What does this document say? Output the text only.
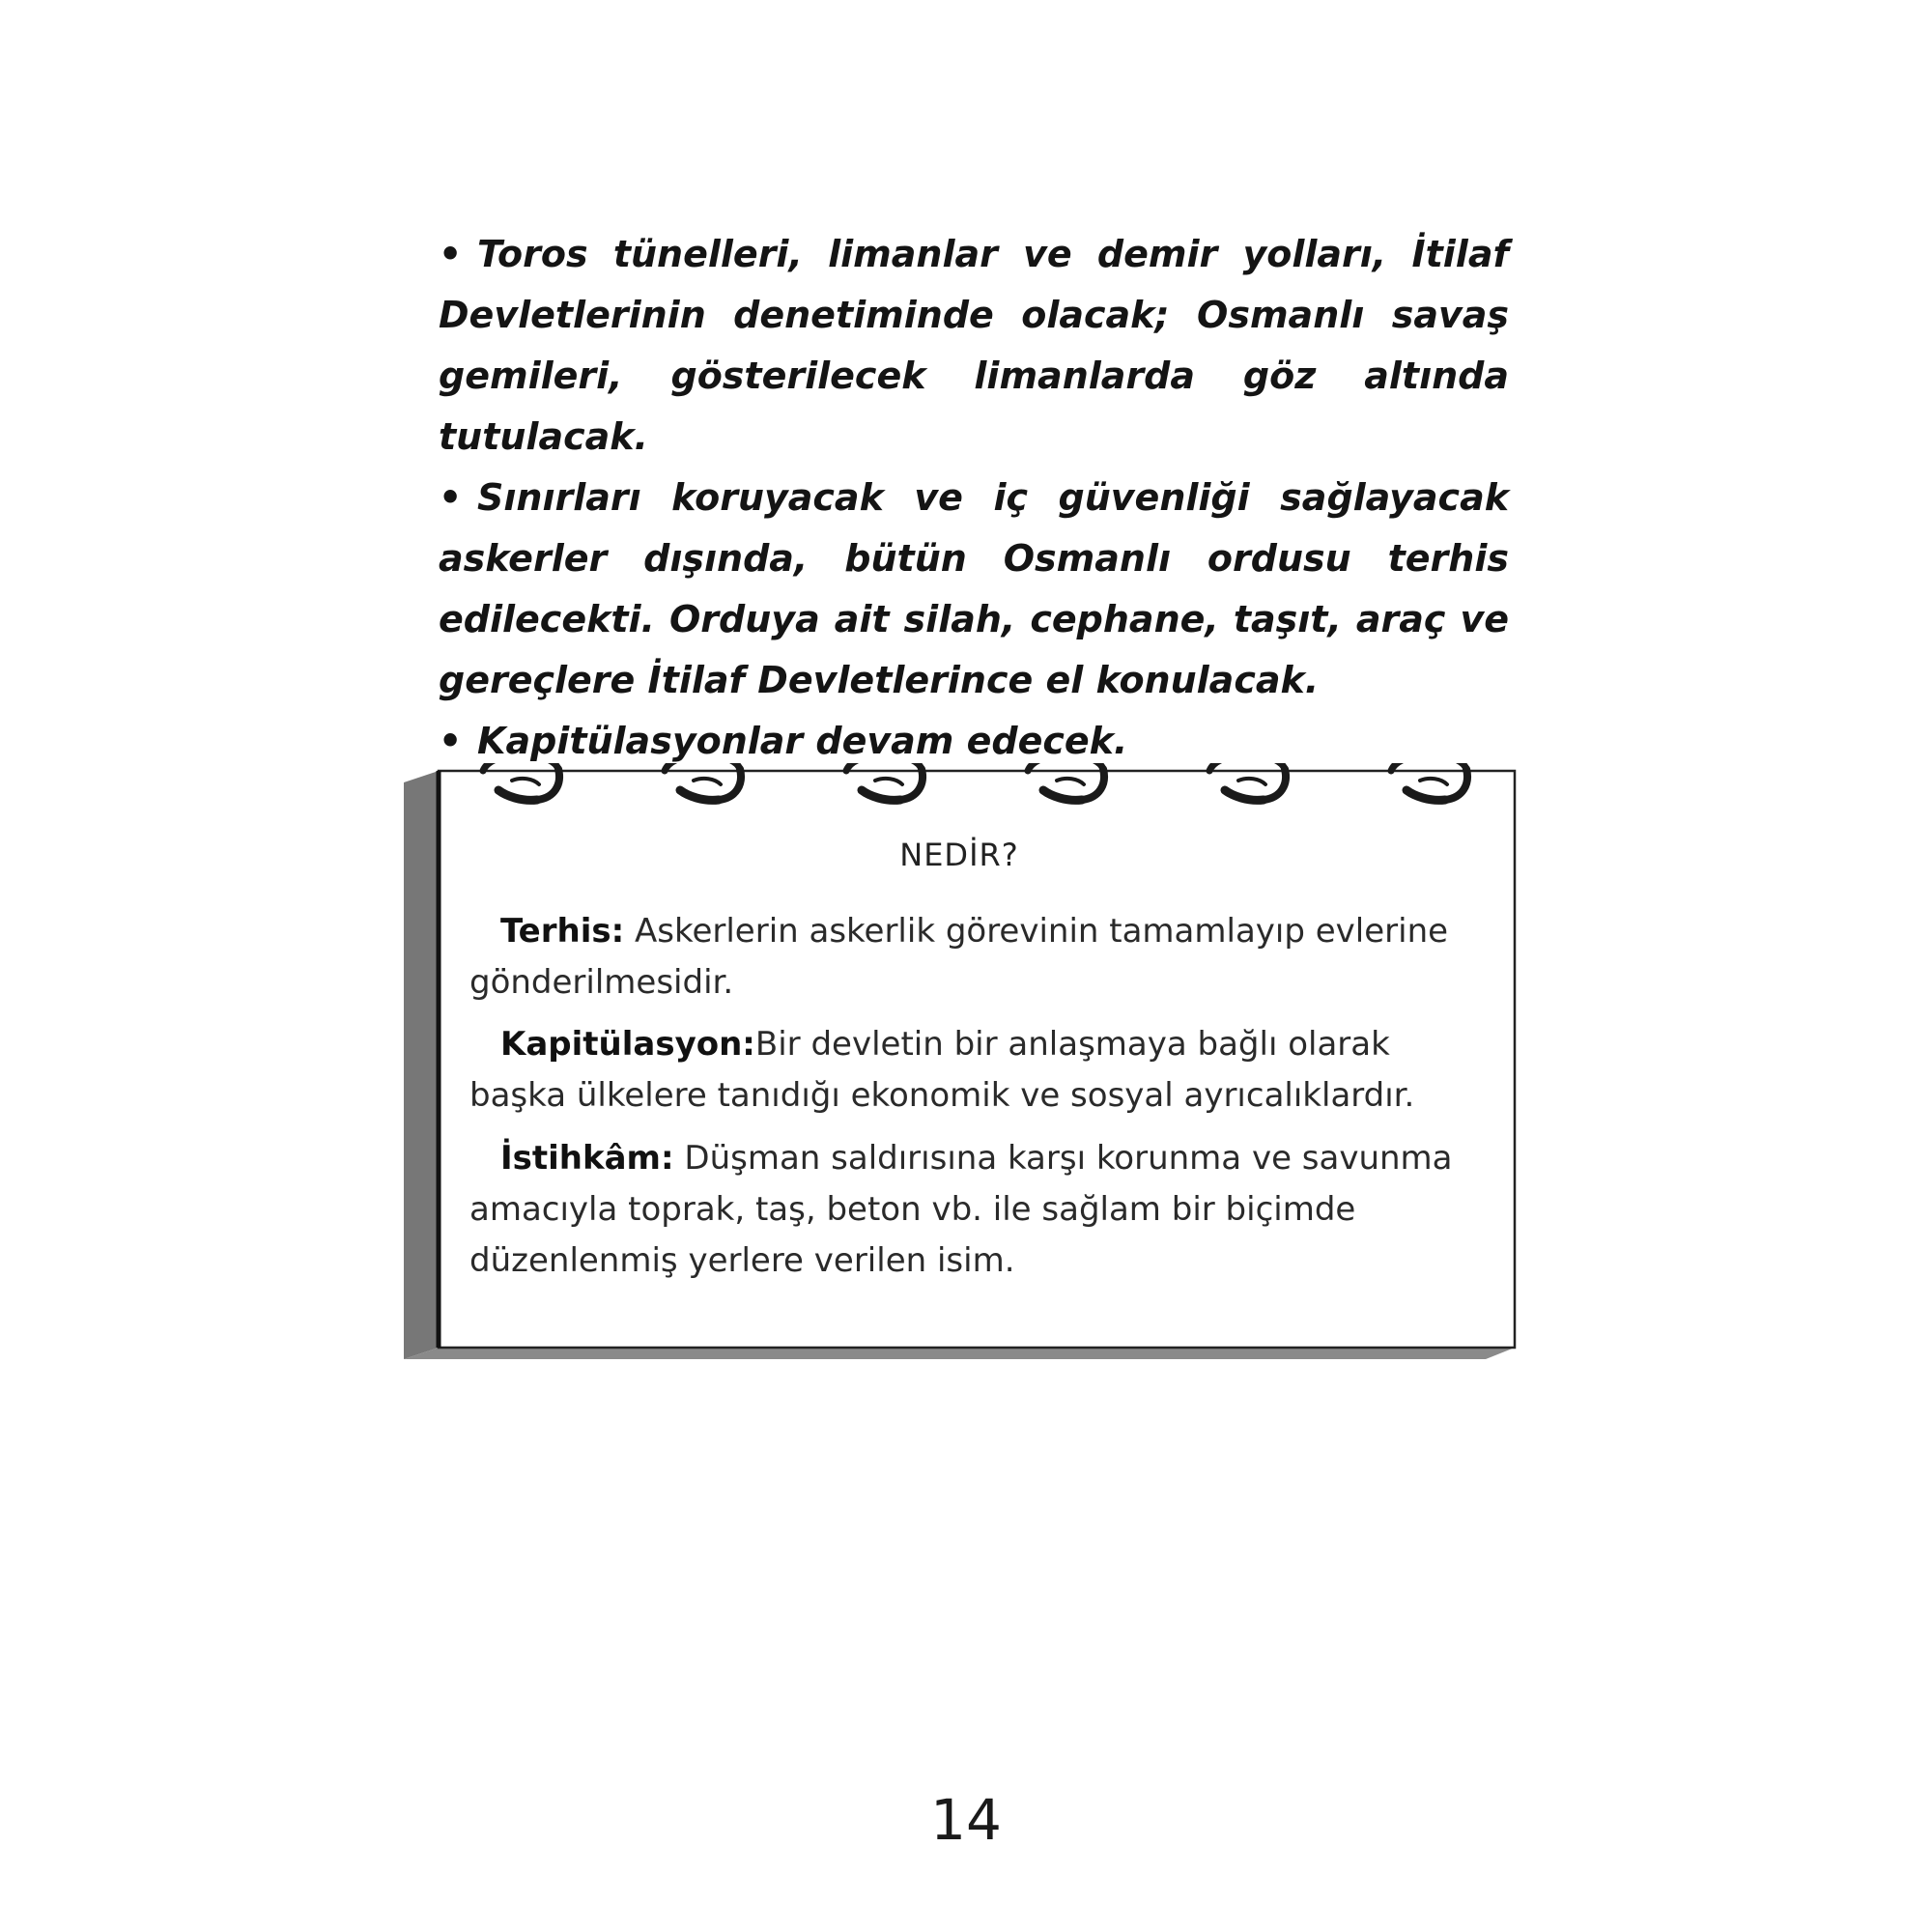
• Toros tünelleri, limanlar ve demir yolları, İtilaf Devletlerinin denetiminde olacak; Osmanlı savaş gemileri, gösterilecek limanlarda göz altında tutulacak.

• Sınırları koruyacak ve iç güvenliği sağlayacak askerler dışında, bütün Osmanlı ordusu terhis edilecekti. Orduya ait silah, cephane, taşıt, araç ve gereçlere İtilaf Devletlerince el konulacak.

• Kapitülasyonlar devam edecek.

NEDİR?

Terhis: Askerlerin askerlik görevinin tamamlayıp evlerine gönderilmesidir.

Kapitülasyon:Bir devletin bir anlaşmaya bağlı olarak başka ülkelere tanıdığı ekonomik ve sosyal ayrıcalıklardır.

İstihkâm: Düşman saldırısına karşı korunma ve savunma amacıyla toprak, taş, beton vb. ile sağlam bir biçimde düzenlenmiş yerlere verilen isim.

14
